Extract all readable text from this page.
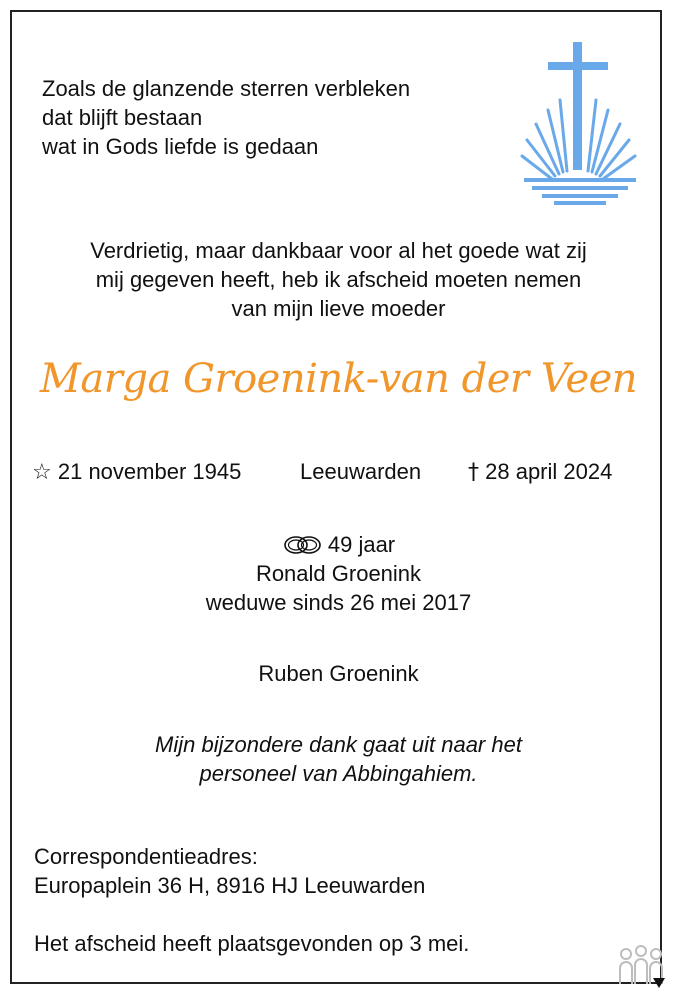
Zoals de glanzende sterren verbleken
dat blijft bestaan
wat in Gods liefde is gedaan
Verdrietig, maar dankbaar voor al het goede wat zij
mij gegeven heeft, heb ik afscheid moeten nemen
van mijn lieve moeder
Marga Groenink-van der Veen
☆ 21 november 1945	Leeuwarden † 28 april 2024
49 jaar
Ronald Groenink
weduwe sinds 26 mei 2017
Ruben Groenink
Mijn bijzondere dank gaat uit naar het
personeel van Abbingahiem.
Correspondentieadres:
Europaplein 36 H, 8916 HJ Leeuwarden
Het afscheid heeft plaatsgevonden op 3 mei.
